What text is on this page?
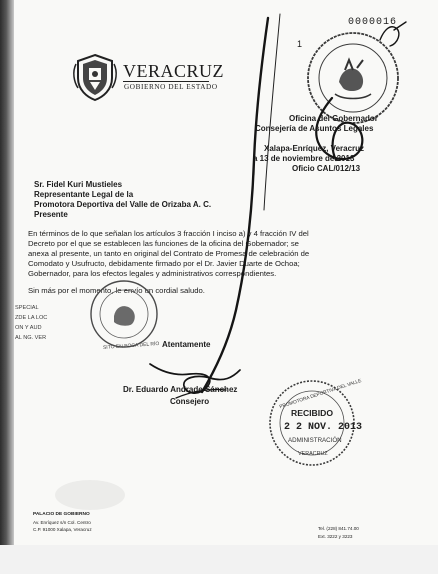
0000016
1
VERACRUZ
GOBIERNO DEL ESTADO
Oficina del Gobernador
Consejería de Asuntos Legales
Xalapa-Enríquez, Veracruz
a 13 de noviembre de 2013
Oficio CAL/012/13
Sr. Fidel Kuri Mustieles
Representante Legal de la
Promotora Deportiva del Valle de Orizaba A. C.
Presente
En términos de lo que señalan los artículos 3 fracción I inciso a) y 4 fracción IV del
Decreto por el que se establecen las funciones de la oficina del Gobernador; se
anexa al presente, un tanto en original del Contrato de Promesa de celebración de
Comodato y Usufructo, debidamente firmado por el Dr. Javier Duarte de Ochoa;
Gobernador, para los efectos legales y administrativos correspondientes.
Sin más por el momento, le envío un cordial saludo.
SPECIAL
ZDE LA LOC
ON Y AUD
AL NG. VER
SITO EN BOCA DEL RÍO Atentamente
Dr. Eduardo Andrade Sánchez
Consejero	PROMOTORA DEPORTIVA DEL VALLE
RECIBIDO
2 2 NOV. 2013
ADMINISTRACIÓN
VERACRUZ
PALACIO DE GOBIERNO
Av. Enríquez s/n Col. Centro
C.P. 91000 Xalapa, Veracruz	Tel. (228) 841.74.00
Ext. 3222 y 3223
